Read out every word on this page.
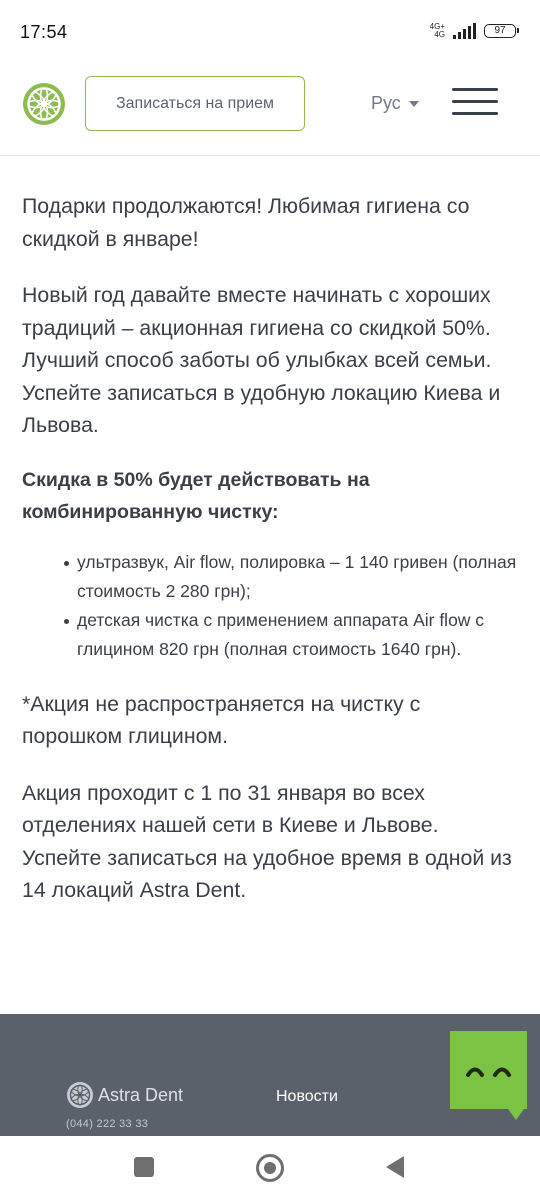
17:54	4G+
4G	97
Записаться на прием	Рус

Подарки продолжаются! Любимая гигиена со скидкой в январе!

Новый год давайте вместе начинать с хороших традиций – акционная гигиена со скидкой 50%. Лучший способ заботы об улыбках всей семьи. Успейте записаться в удобную локацию Киева и Львова.

Скидка в 50% будет действовать на комбинированную чистку:

ультразвук, Air flow, полировка – 1 140 гривен (полная стоимость 2 280 грн);
детская чистка с применением аппарата Air flow с глицином 820 грн (полная стоимость 1640 грн).

*Акция не распространяется на чистку с порошком глицином.

Акция проходит с 1 по 31 января во всех отделениях нашей сети в Киеве и Львове. Успейте записаться на удобное время в одной из 14 локаций Astra Dent.

Astra Dent
(044) 222 33 33
Новости
